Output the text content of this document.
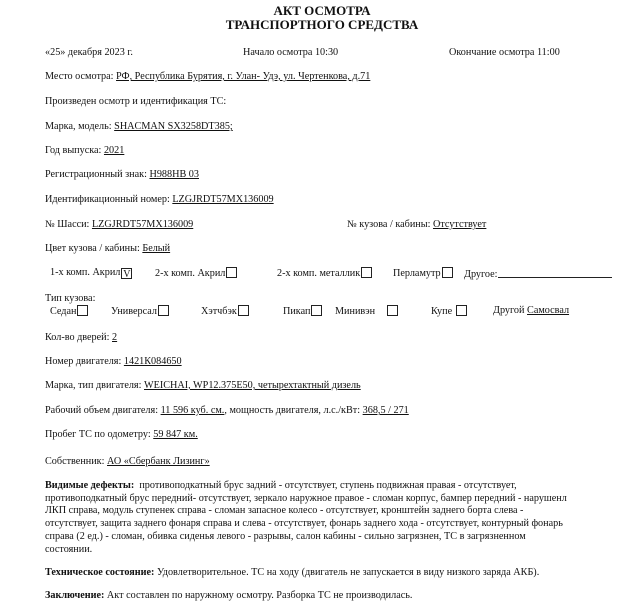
АКТ ОСМОТРА
ТРАНСПОРТНОГО СРЕДСТВА
«25» декабря 2023 г.	Начало осмотра 10:30	Окончание осмотра 11:00
Место осмотра: РФ, Республика Бурятия, г. Улан- Удэ, ул. Чертенкова, д.71
Произведен осмотр и идентификация ТС:
Марка, модель: SHACMAN SX3258DT385;
Год выпуска: 2021
Регистрационный знак: Н988НВ 03
Идентификационный номер: LZGJRDT57MX136009
№ Шасси: LZGJRDT57MX136009	№ кузова / кабины: Отсутствует
Цвет кузова / кабины: Белый
1-х комп. Акрил V 2-х комп. Акрил	2-х комп. металлик	Перламутр	Другое:
Тип кузова:
Седан	Универсал	Хэтчбэк	Пикап	Минивэн	Купе	Другой Самосвал
Кол-во дверей: 2
Номер двигателя: 1421К084650
Марка, тип двигателя: WEICHAI, WP12.375E50, четырехтактный дизель
Рабочий объем двигателя: 11 596 куб. см., мощность двигателя, л.с./кВт: 368,5 / 271
Пробег ТС по одометру: 59 847 км.
Собственник: АО «Сбербанк Лизинг»
Видимые дефекты: противоподкатный брус задний - отсутствует, ступень подвижная правая - отсутствует,
противоподкатный брус передний- отсутствует, зеркало наружное правое - сломан корпус, бампер передний - нарушенл
ЛКП справа, модуль ступенек справа - сломан запасное колесо - отсутствует, кронштейн заднего борта слева -
отсутствует, защита заднего фонаря справа и слева - отсутствует, фонарь заднего хода - отсутствует, контурный фонарь
справа (2 ед.) - сломан, обивка сиденья левого - разрывы, салон кабины - сильно загрязнен, ТС в загрязненном
состоянии.
Техническое состояние: Удовлетворительное. ТС на ходу (двигатель не запускается в виду низкого заряда АКБ).
Заключение: Акт составлен по наружному осмотру. Разборка ТС не производилась.
